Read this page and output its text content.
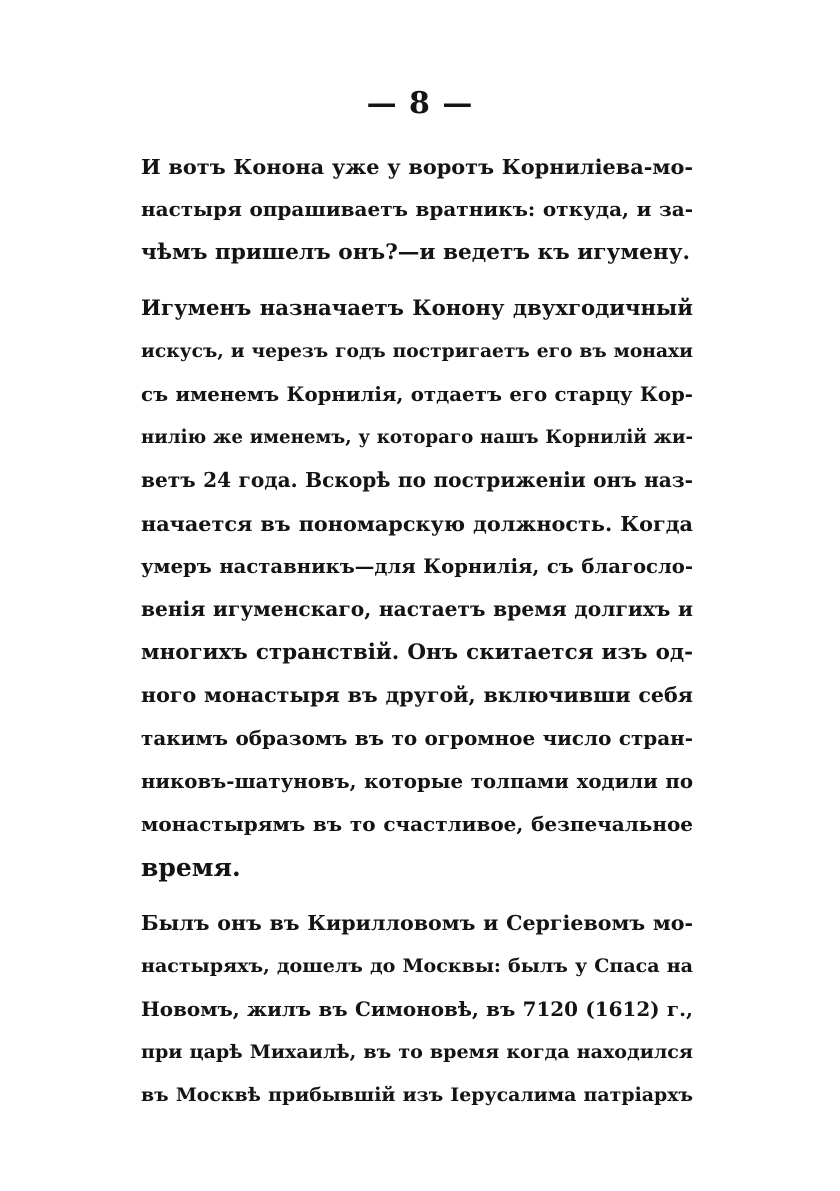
— 8 —
И вотъ Конона уже у воротъ Корниліева-мо-
настыря опрашиваетъ вратникъ: откуда, и за-
чѣмъ пришелъ онъ?—и ведетъ къ игумену.
Игуменъ назначаетъ Конону двухгодичный
искусъ, и черезъ годъ постригаетъ его въ монахи
съ именемъ Корнилія, отдаетъ его старцу Кор-
нилію же именемъ, у котораго нашъ Корнилій жи-
ветъ 24 года. Вскорѣ по постриженіи онъ наз-
начается въ пономарскую должность. Когда
умеръ наставникъ—для Корнилія, съ благосло-
венія игуменскаго, настаетъ время долгихъ и
многихъ странствій. Онъ скитается изъ од-
ного монастыря въ другой, включивши себя
такимъ образомъ въ то огромное число стран-
никовъ-шатуновъ, которые толпами ходили по
монастырямъ въ то счастливое, безпечальное
время.
Былъ онъ въ Кирилловомъ и Сергіевомъ мо-
настыряхъ, дошелъ до Москвы: былъ у Спаса на
Новомъ, жилъ въ Симоновѣ, въ 7120 (1612) г.,
при царѣ Михаилѣ, въ то время когда находился
въ Москвѣ прибывшій изъ Іерусалима патріархъ
